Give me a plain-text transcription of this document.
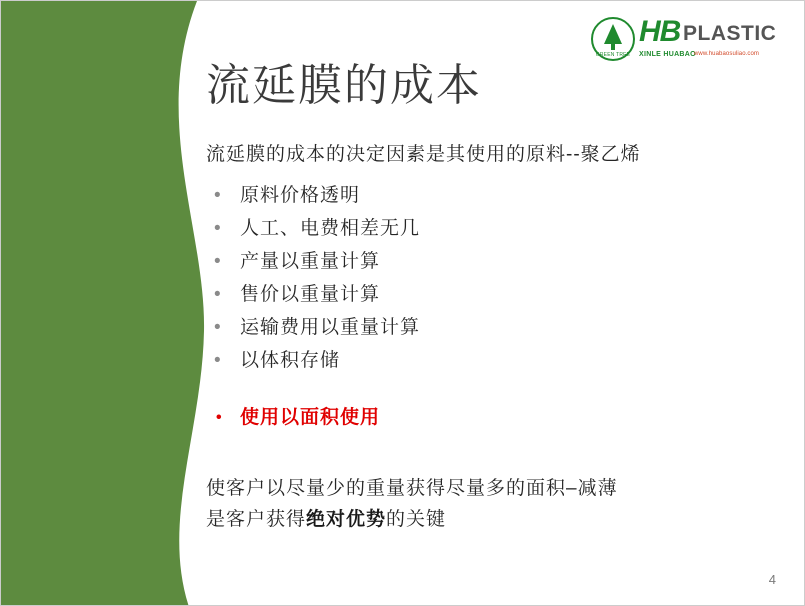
GREEN TREE
HB PLASTIC
XINLE HUABAO
www.huabaosuliao.com
流延膜的成本
流延膜的成本的决定因素是其使用的原料--聚乙烯
• 原料价格透明
• 人工、电费相差无几
• 产量以重量计算
• 售价以重量计算
• 运输费用以重量计算
• 以体积存储
• 使用以面积使用
使客户以尽量少的重量获得尽量多的面积–减薄
是客户获得绝对优势的关键
4
